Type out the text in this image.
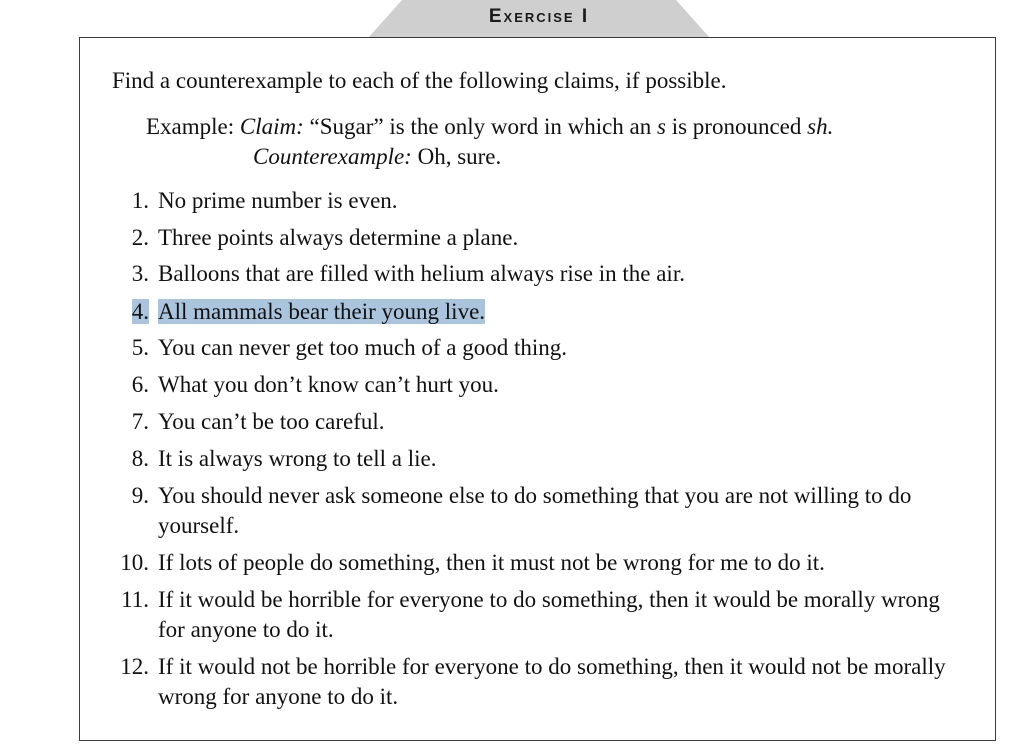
Exercise I
Find a counterexample to each of the following claims, if possible.
Example: Claim: “Sugar” is the only word in which an s is pronounced sh.
Counterexample: Oh, sure.
1. No prime number is even.
2. Three points always determine a plane.
3. Balloons that are filled with helium always rise in the air.
4. All mammals bear their young live.
5. You can never get too much of a good thing.
6. What you don’t know can’t hurt you.
7. You can’t be too careful.
8. It is always wrong to tell a lie.
9. You should never ask someone else to do something that you are not willing to do yourself.
10. If lots of people do something, then it must not be wrong for me to do it.
11. If it would be horrible for everyone to do something, then it would be morally wrong for anyone to do it.
12. If it would not be horrible for everyone to do something, then it would not be morally wrong for anyone to do it.
